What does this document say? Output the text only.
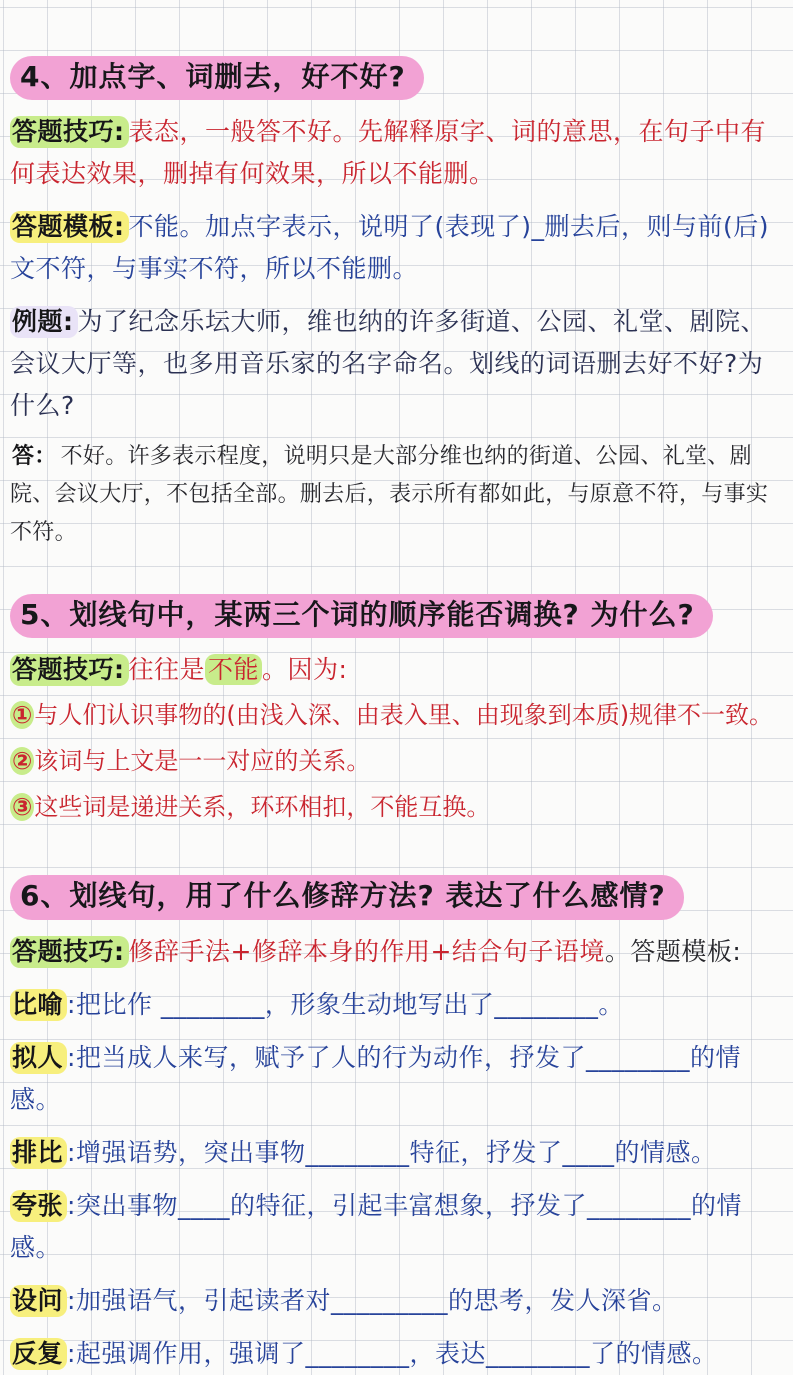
4、加点字、词删去，好不好?

答题技巧: 表态，一般答不好。先解释原字、词的意思，在句子中有何表达效果，删掉有何效果，所以不能删。

答题模板: 不能。加点字表示，说明了(表现了)_删去后，则与前(后)文不符，与事实不符，所以不能删。

例题: 为了纪念乐坛大师，维也纳的许多街道、公园、礼堂、剧院、会议大厅等，也多用音乐家的名字命名。划线的词语删去好不好?为什么?

答： 不好。许多表示程度，说明只是大部分维也纳的街道、公园、礼堂、剧院、会议大厅，不包括全部。删去后，表示所有都如此，与原意不符，与事实不符。

5、划线句中，某两三个词的顺序能否调换? 为什么?

答题技巧: 往往是 不能 。因为:

①与人们认识事物的(由浅入深、由表入里、由现象到本质)规律不一致。

②该词与上文是一一对应的关系。

③这些词是递进关系，环环相扣，不能互换。

6、划线句，用了什么修辞方法? 表达了什么感情?

答题技巧: 修辞手法+修辞本身的作用+结合句子语境。答题模板:

比喻 :把比作 ________，形象生动地写出了________。

拟人 :把当成人来写，赋予了人的行为动作，抒发了________的情感。

排比 :增强语势，突出事物________特征，抒发了____的情感。

夸张 :突出事物____的特征，引起丰富想象，抒发了________的情感。

设问 :加强语气，引起读者对_________的思考，发人深省。

反复 :起强调作用，强调了________，表达________了的情感。
